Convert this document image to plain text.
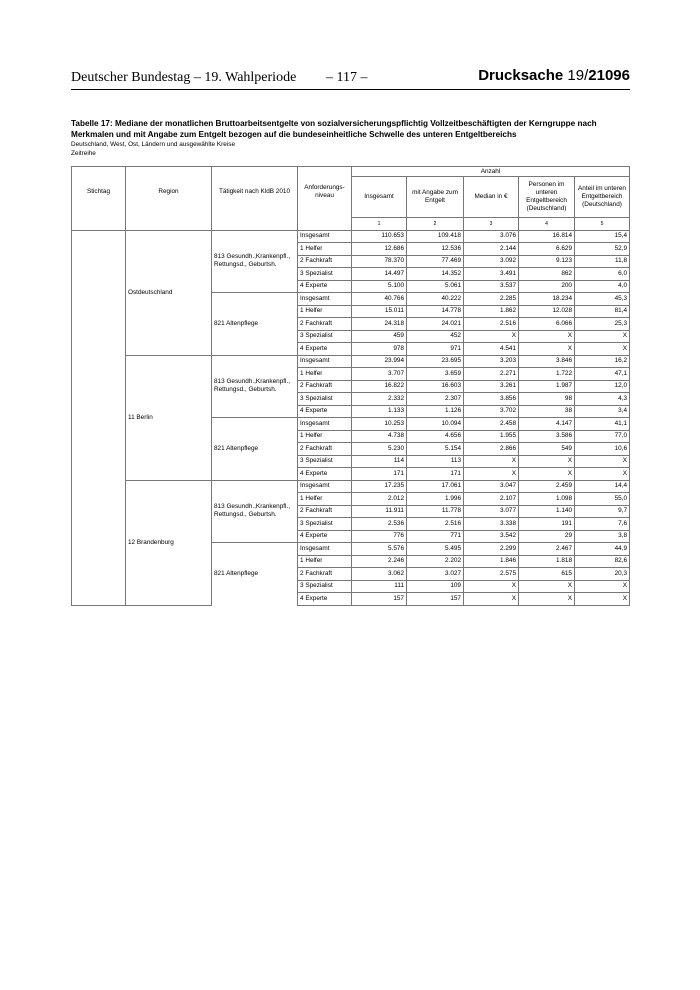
Deutscher Bundestag – 19. Wahlperiode – 117 –	Drucksache 19/21096
Tabelle 17: Mediane der monatlichen Bruttoarbeitsentgelte von sozialversicherungspflichtig Vollzeitbeschäftigten der Kerngruppe nach Merkmalen und mit Angabe zum Entgelt bezogen auf die bundeseinheitliche Schwelle des unteren Entgeltbereichs
Deutschland, West, Ost, Ländern und ausgewählte Kreise
Zeitreihe
Stichtag	Region	Tätigkeit nach KldB 2010	Anforderungs-niveau	Anzahl				
				Insgesamt	mit Angabe zum Entgelt	Median in €	Personen im unteren Entgeltbereich (Deutschland)	Anteil im unteren Entgeltbereich (Deutschland)
				1	2	3	4	5
	Ostdeutschland	813 Gesundh.,Krankenpfl., Rettungsd., Geburtsh.	Insgesamt	110.653	109.418	3.076	16.814	15,4
			1 Helfer	12.686	12.536	2.144	6.629	52,9
			2 Fachkraft	78.370	77.469	3.092	9.123	11,8
			3 Spezialist	14.497	14.352	3.491	862	6,0
			4 Experte	5.100	5.061	3.537	200	4,0
		821 Altenpflege	Insgesamt	40.766	40.222	2.285	18.234	45,3
			1 Helfer	15.011	14.778	1.862	12.028	81,4
			2 Fachkraft	24.318	24.021	2.516	6.066	25,3
			3 Spezialist	459	452	X	X	X
			4 Experte	978	971	4.541	X	X
	11 Berlin	813 Gesundh.,Krankenpfl., Rettungsd., Geburtsh.	Insgesamt	23.994	23.695	3.203	3.846	16,2
			1 Helfer	3.707	3.659	2.271	1.722	47,1
			2 Fachkraft	16.822	16.603	3.261	1.987	12,0
			3 Spezialist	2.332	2.307	3.856	98	4,3
			4 Experte	1.133	1.126	3.702	38	3,4
		821 Altenpflege	Insgesamt	10.253	10.094	2.458	4.147	41,1
			1 Helfer	4.738	4.656	1.955	3.586	77,0
			2 Fachkraft	5.230	5.154	2.866	549	10,6
			3 Spezialist	114	113	X	X	X
			4 Experte	171	171	X	X	X
	12 Brandenburg	813 Gesundh.,Krankenpfl., Rettungsd., Geburtsh.	Insgesamt	17.235	17.061	3.047	2.459	14,4
			1 Helfer	2.012	1.996	2.107	1.098	55,0
			2 Fachkraft	11.911	11.778	3.077	1.140	9,7
			3 Spezialist	2.536	2.516	3.338	191	7,6
			4 Experte	776	771	3.542	29	3,8
		821 Altenpflege	Insgesamt	5.576	5.495	2.299	2.467	44,9
			1 Helfer	2.246	2.202	1.846	1.818	82,6
			2 Fachkraft	3.062	3.027	2.575	615	20,3
			3 Spezialist	111	109	X	X	X
			4 Experte	157	157	X	X	X
